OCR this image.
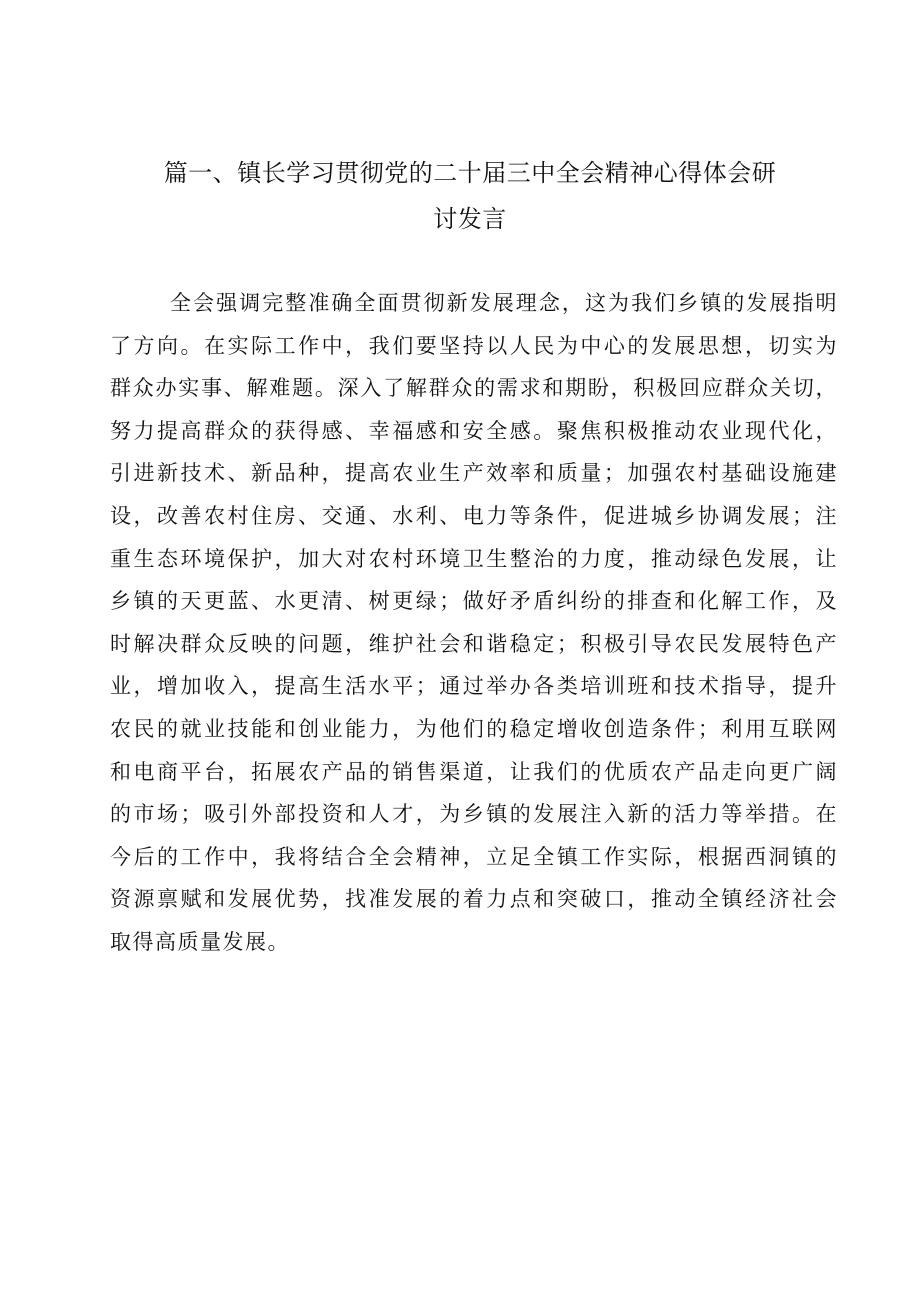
篇一、镇长学习贯彻党的二十届三中全会精神心得体会研
讨发言

全会强调完整准确全面贯彻新发展理念，这为我们乡镇的发展指明
了方向。在实际工作中，我们要坚持以人民为中心的发展思想，切实为
群众办实事、解难题。深入了解群众的需求和期盼，积极回应群众关切，
努力提高群众的获得感、幸福感和安全感。聚焦积极推动农业现代化，
引进新技术、新品种，提高农业生产效率和质量；加强农村基础设施建
设，改善农村住房、交通、水利、电力等条件，促进城乡协调发展；注
重生态环境保护，加大对农村环境卫生整治的力度，推动绿色发展，让
乡镇的天更蓝、水更清、树更绿；做好矛盾纠纷的排查和化解工作，及
时解决群众反映的问题，维护社会和谐稳定；积极引导农民发展特色产
业，增加收入，提高生活水平；通过举办各类培训班和技术指导，提升
农民的就业技能和创业能力，为他们的稳定增收创造条件；利用互联网
和电商平台，拓展农产品的销售渠道，让我们的优质农产品走向更广阔
的市场；吸引外部投资和人才，为乡镇的发展注入新的活力等举措。在
今后的工作中，我将结合全会精神，立足全镇工作实际，根据西洞镇的
资源禀赋和发展优势，找准发展的着力点和突破口，推动全镇经济社会
取得高质量发展。
